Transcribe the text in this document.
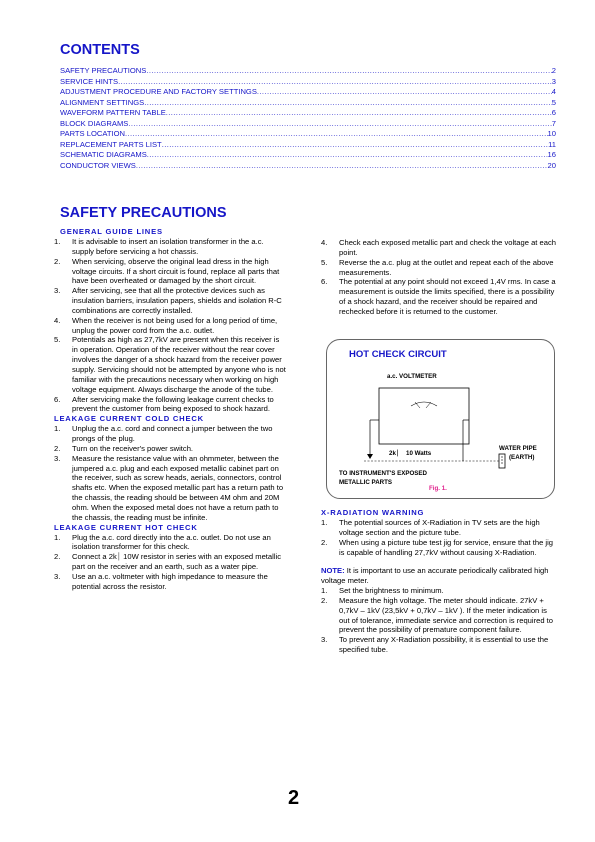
CONTENTS
SAFETY PRECAUTIONS .....	2
SERVICE HINTS .....	3
ADJUSTMENT PROCEDURE AND FACTORY SETTINGS .....	4
ALIGNMENT SETTINGS .....	5
WAVEFORM PATTERN TABLE .....	6
BLOCK DIAGRAMS .....	7
PARTS LOCATION .....	10
REPLACEMENT PARTS LIST .....	11
SCHEMATIC DIAGRAMS .....	16
CONDUCTOR VIEWS .....	20
SAFETY PRECAUTIONS
GENERAL GUIDE LINES
1.	It is advisable to insert an isolation transformer in the a.c. supply before servicing a hot chassis.
2.	When servicing, observe the original lead dress in the high voltage circuits. If a short circuit is found, replace all parts that have been overheated or damaged by the short circuit.
3.	After servicing, see that all the protective devices such as insulation barriers, insulation papers, shields and isolation R-C combinations are correctly installed.
4.	When the receiver is not being used for a long period of time, unplug the power cord from the a.c. outlet.
5.	Potentials as high as 27,7kV are present when this receiver is in operation. Operation of the receiver without the rear cover involves the danger of a shock hazard from the receiver power supply. Servicing should not be attempted by anyone who is not familiar with the precautions necessary when working on high voltage equipment. Always discharge the anode of the tube.
6.	After servicing make the following leakage current checks to prevent the customer from being exposed to shock hazard.
LEAKAGE CURRENT COLD CHECK
1.	Unplug the a.c. cord and connect a jumper between the two prongs of the plug.
2.	Turn on the receiver's power switch.
3.	Measure the resistance value with an ohmmeter, between the jumpered a.c. plug and each exposed metallic cabinet part on the receiver, such as screw heads, aerials, connectors, control shafts etc. When the exposed metallic part has a return path to the chassis, the reading should be between 4M ohm and 20M ohm. When the exposed metal does not have a return path to the chassis, the reading must be infinite.
LEAKAGE CURRENT HOT CHECK
1.	Plug the a.c. cord directly into the a.c. outlet. Do not use an isolation transformer for this check.
2.	Connect a 2k⏐ 10W resistor in series with an exposed metallic part on the receiver and an earth, such as a water pipe.
3.	Use an a.c. voltmeter with high impedance to measure the potential across the resistor.
4.	Check each exposed metallic part and check the voltage at each point.
5.	Reverse the a.c. plug at the outlet and repeat each of the above measurements.
6.	The potential at any point should not exceed 1,4V rms. In case a measurement is outside the limits specified, there is a possibility of a shock hazard, and the receiver should be repaired and rechecked before it is returned to the customer.
HOT CHECK CIRCUIT
a.c. VOLTMETER
2k⏐ 10 Watts
WATER PIPE
(EARTH)
TO INSTRUMENT'S EXPOSED
METALLIC PARTS
Fig. 1.
X-RADIATION WARNING
1.	The potential sources of X-Radiation in TV sets are the high voltage section and the picture tube.
2.	When using a picture tube test jig for service, ensure that the jig is capable of handling 27,7kV without causing X-Radiation.
NOTE: It is important to use an accurate periodically calibrated high voltage meter.
1.	Set the brightness to minimum.
2.	Measure the high voltage. The meter should indicate. 27kV + 0,7kV – 1kV (23,5kV + 0,7kV – 1kV ). If the meter indication is out of tolerance, immediate service and correction is required to prevent the possibility of premature component failure.
3.	To prevent any X-Radiation possibility, it is essential to use the specified tube.
2
